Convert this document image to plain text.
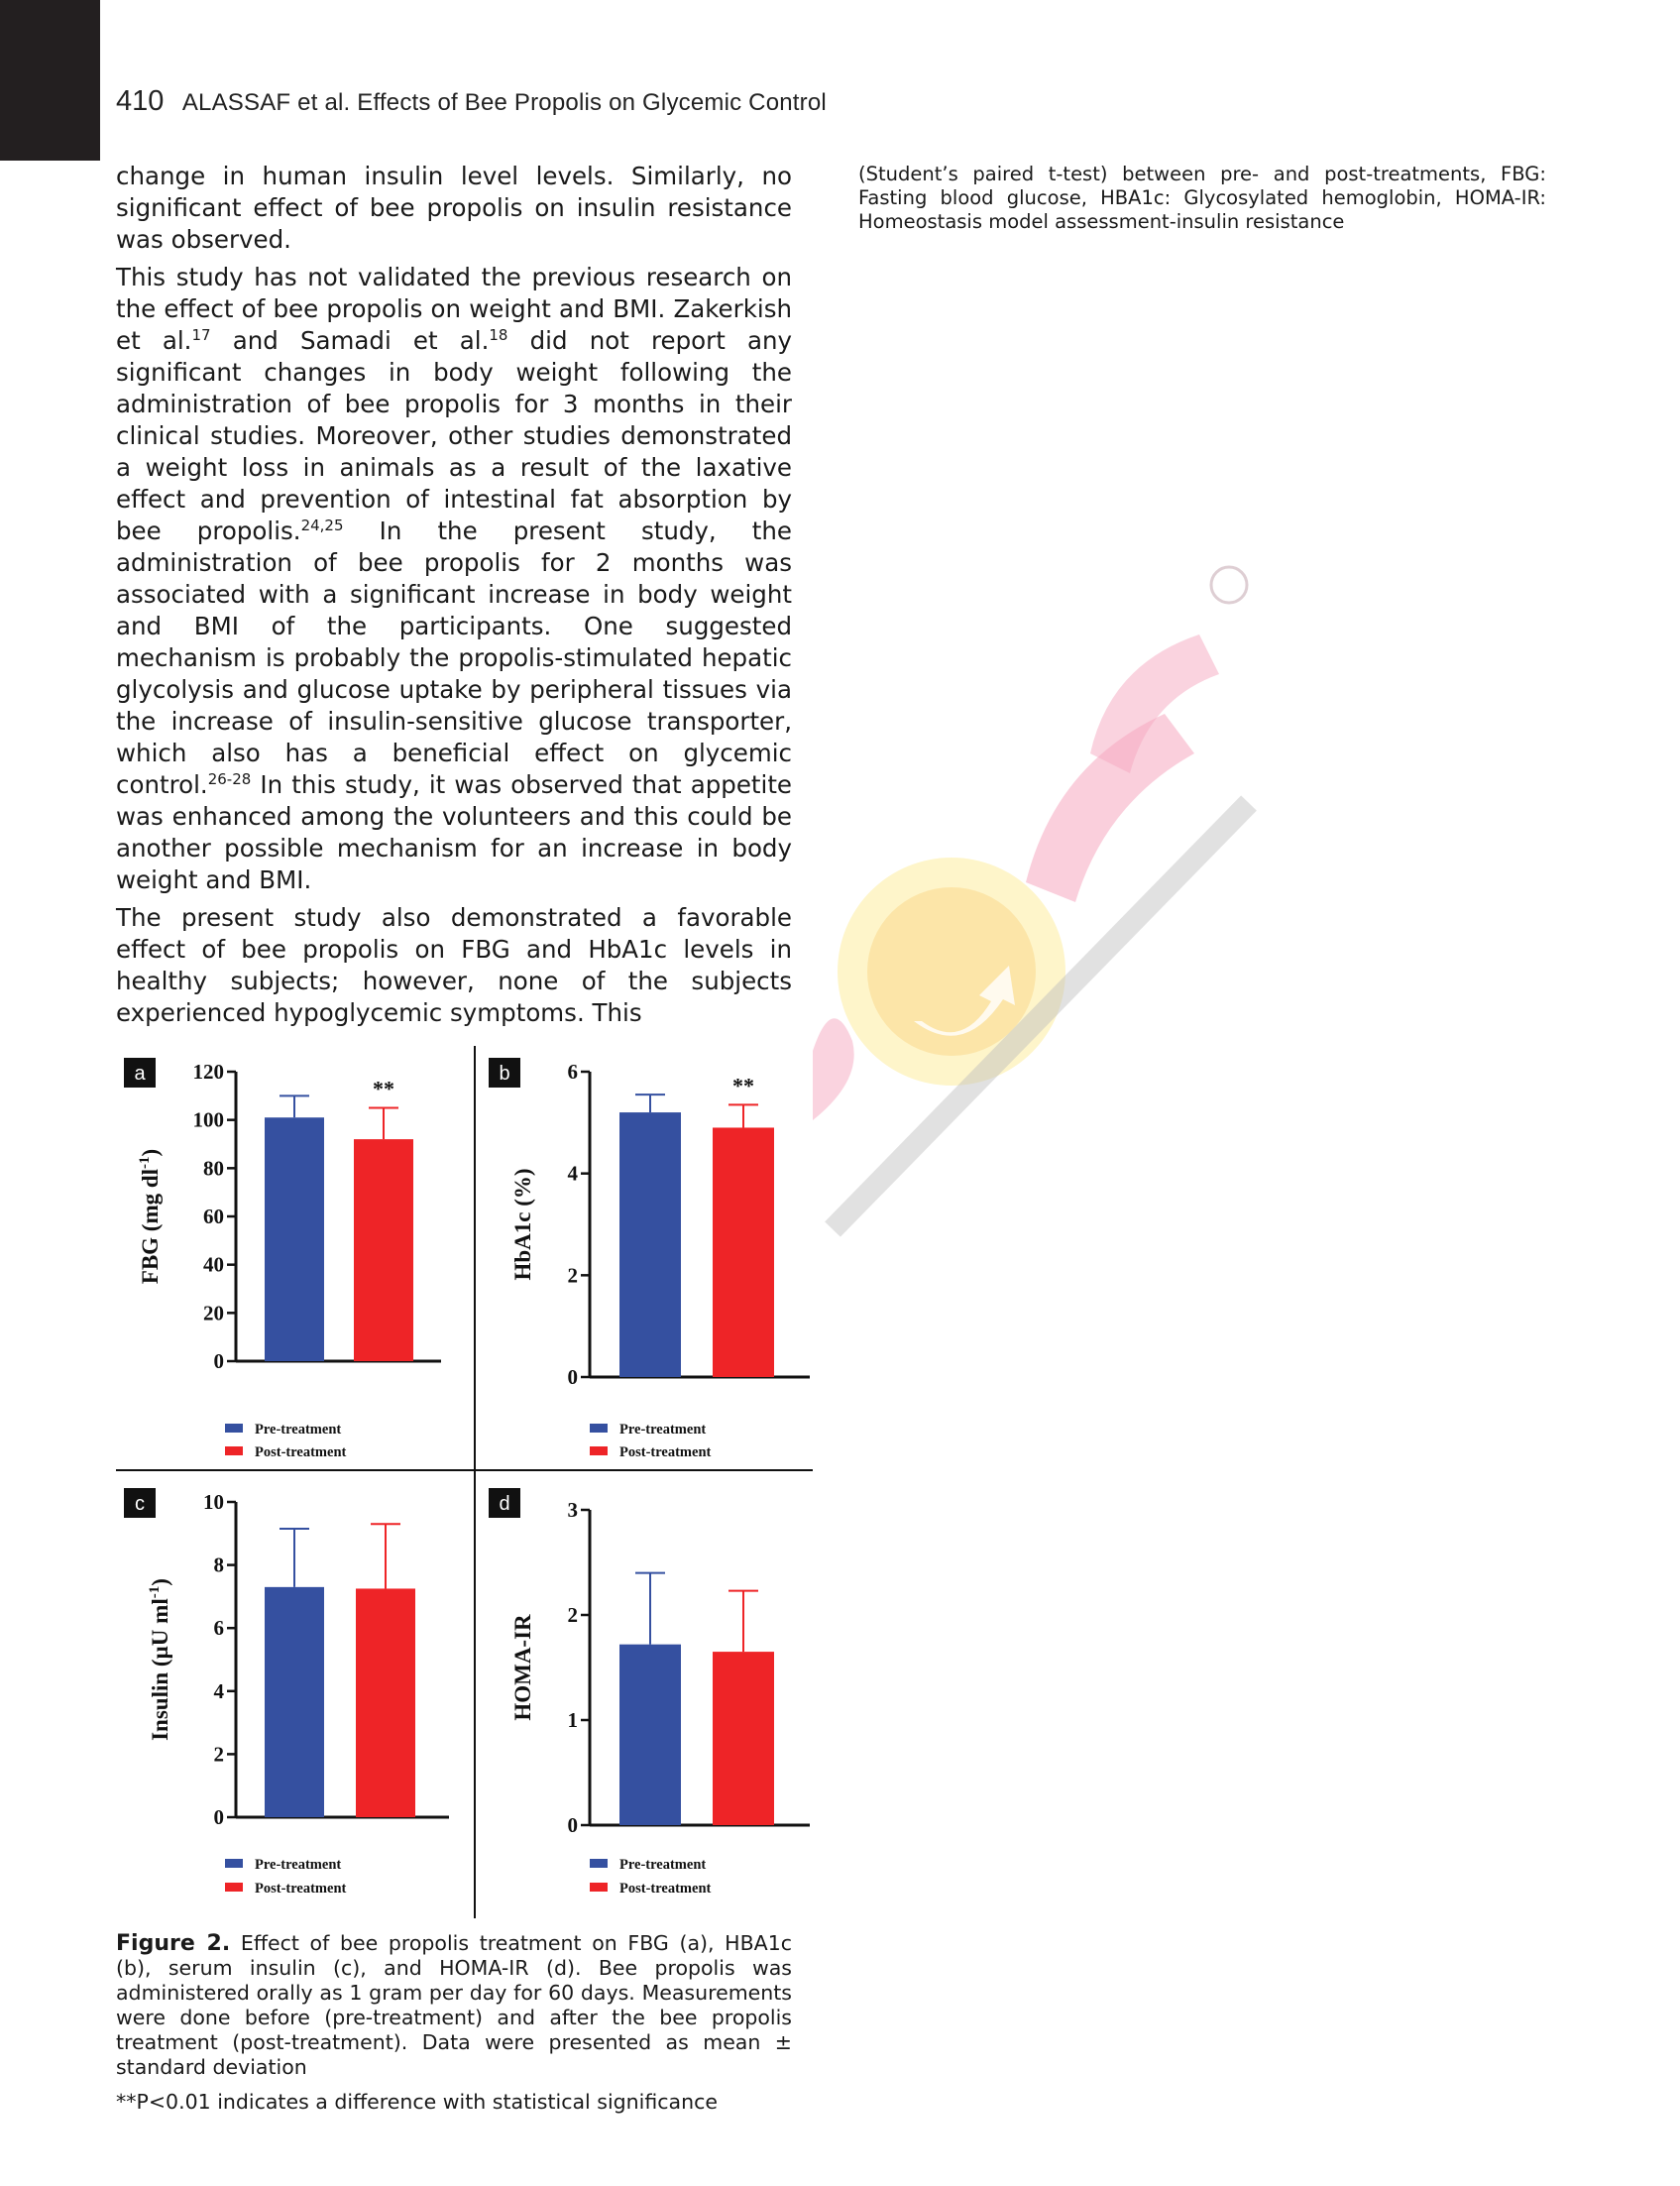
410 ALASSAF et al. Effects of Bee Propolis on Glycemic Control

change in human insulin level levels. Similarly, no significant effect of bee propolis on insulin resistance was observed.

This study has not validated the previous research on the effect of bee propolis on weight and BMI. Zakerkish et al.$^{17}$ and Samadi et al.$^{18}$ did not report any significant changes in body weight following the administration of bee propolis for 3 months in their clinical studies. Moreover, other studies demonstrated a weight loss in animals as a result of the laxative effect and prevention of intestinal fat absorption by bee propolis.$^{24,25}$ In the present study, the administration of bee propolis for 2 months was associated with a significant increase in body weight and BMI of the participants. One suggested mechanism is probably the propolis-stimulated hepatic glycolysis and glucose uptake by peripheral tissues via the increase of insulin-sensitive glucose transporter, which also has a beneficial effect on glycemic control.$^{26-28}$ In this study, it was observed that appetite was enhanced among the volunteers and this could be another possible mechanism for an increase in body weight and BMI.

The present study also demonstrated a favorable effect of bee propolis on FBG and HbA1c levels in healthy subjects; however, none of the subjects experienced hypoglycemic symptoms. This

(Student’s paired t-test) between pre- and post-treatments, FBG: Fasting blood glucose, HBA1c: Glycosylated hemoglobin, HOMA-IR: Homeostasis model assessment-insulin resistance
a
0
20
40
60
80
100
120
FBG (mg $dl^{-1}$)
**
Pre-treatment
Post-treatment
b
0
2
4
6
HbA1c (%)
**
Pre-treatment
Post-treatment
c
0
2
4
6
8
10
Insulin (µU $ml^{-1}$)
Pre-treatment
Post-treatment
d
0
1
2
3
HOMA-IR
Pre-treatment
Post-treatment
Figure 2. Effect of bee propolis treatment on FBG (a), HBA1c (b), serum insulin (c), and HOMA-IR (d). Bee propolis was administered orally as 1 gram per day for 60 days. Measurements were done before (pre-treatment) and after the bee propolis treatment (post-treatment). Data were presented as mean ± standard deviation
**P<0.01 indicates a difference with statistical significance
